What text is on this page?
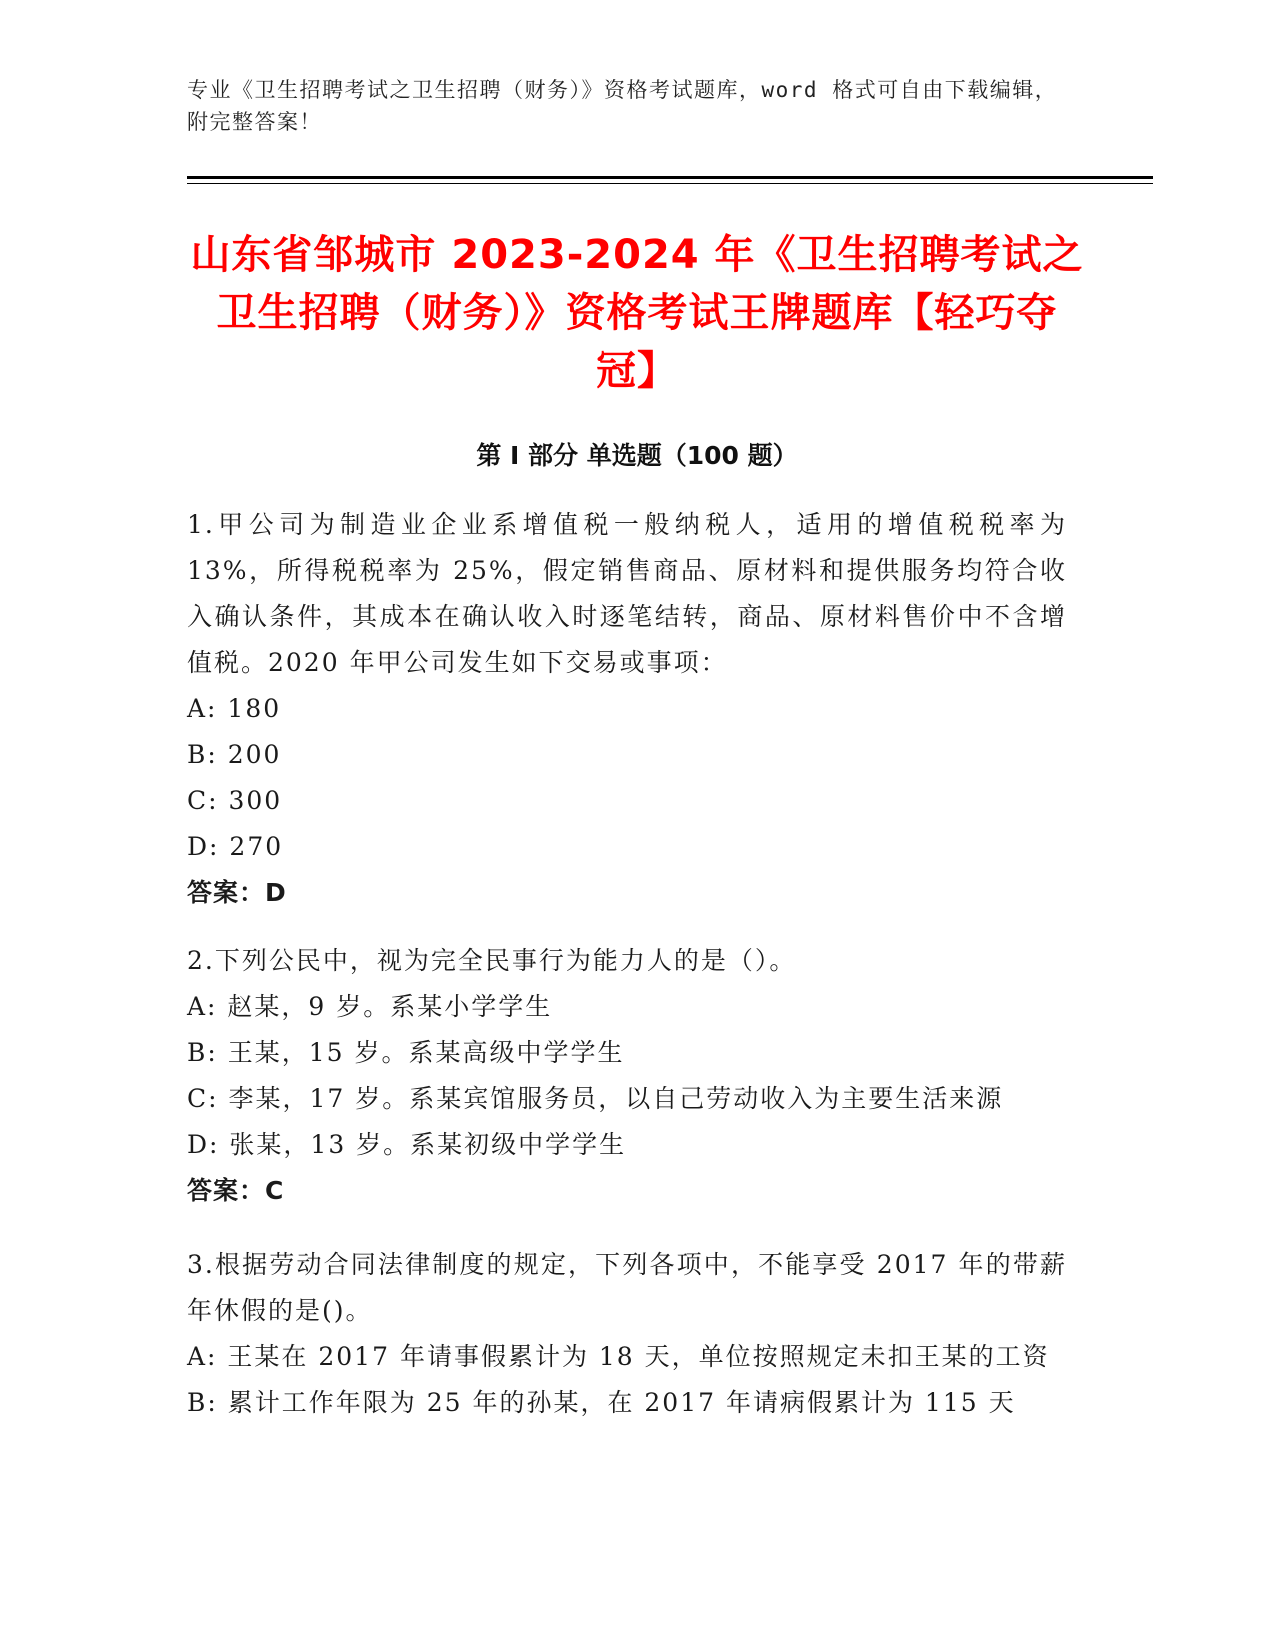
专业《卫生招聘考试之卫生招聘（财务）》资格考试题库，word 格式可自由下载编辑，附完整答案！
山东省邹城市 2023-2024 年《卫生招聘考试之卫生招聘（财务）》资格考试王牌题库【轻巧夺冠】
第 I 部分 单选题（100 题）
1.甲公司为制造业企业系增值税一般纳税人，适用的增值税税率为 13%，所得税税率为 25%，假定销售商品、原材料和提供服务均符合收入确认条件，其成本在确认收入时逐笔结转，商品、原材料售价中不含增值税。2020 年甲公司发生如下交易或事项：
A: 180
B: 200
C: 300
D: 270
答案：D
2.下列公民中，视为完全民事行为能力人的是（）。
A: 赵某，9 岁。系某小学学生
B: 王某，15 岁。系某高级中学学生
C: 李某，17 岁。系某宾馆服务员，以自己劳动收入为主要生活来源
D: 张某，13 岁。系某初级中学学生
答案：C
3.根据劳动合同法律制度的规定，下列各项中，不能享受 2017 年的带薪年休假的是()。
A: 王某在 2017 年请事假累计为 18 天，单位按照规定未扣王某的工资
B: 累计工作年限为 25 年的孙某，在 2017 年请病假累计为 115 天
